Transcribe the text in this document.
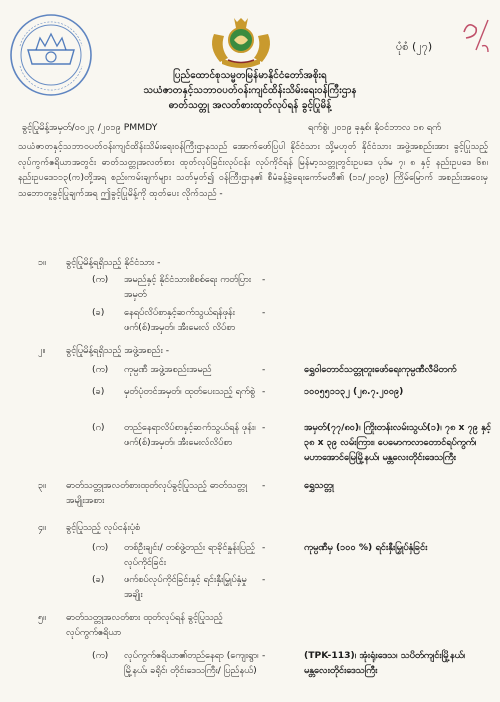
ပုံစံ (၂၇)
ပြည်ထောင်စုသမ္မတမြန်မာနိုင်ငံတော်အစိုးရ
သယံဇာတနှင့်သဘာဝပတ်ဝန်းကျင်ထိန်းသိမ်းရေးဝန်ကြီးဌာန
ဓာတ်သတ္တု အလတ်စားထုတ်လုပ်ရန် ခွင့်ပြုမိန့်
ခွင့်ပြုမိန့်အမှတ်/၀၀၂၃ /၂၀၁၉ PMMDY	ရက်စွဲ၊ ၂၀၁၉ ခုနှစ်၊ နိုဝင်ဘာလ ၁၈ ရက်
သယံဇာတနှင့်သဘာဝပတ်ဝန်းကျင်ထိန်းသိမ်းရေးဝန်ကြီးဌာနသည် အောက်ဖော်ပြပါ နိုင်ငံသား သို့မဟုတ် နိုင်ငံသား အဖွဲ့အစည်းအား ခွင့်ပြုသည့် လုပ်ကွက်ဧရိယာအတွင်း ဓာတ်သတ္တုအလတ်စား ထုတ်လုပ်ခြင်းလုပ်ငန်း လုပ်ကိုင်ရန် မြန်မာ့သတ္တုတွင်းဥပဒေ ပုဒ်မ ၇၊ ၈ နှင့် နည်းဥပဒေ ၆၈၊ နည်းဥပဒေ၁၁၃(က)တို့အရ စည်းကမ်းချက်များ သတ်မှတ်၍ ဝန်ကြီးဌာန၏ စီမံခန့်ခွဲရေးကော်မတီ၏ (၁၁/၂၀၁၉) ကြိမ်မြောက် အစည်းအဝေးမှ သဘောတူခွင့်ပြုချက်အရ ဤခွင့်ပြုမိန့်ကို ထုတ်ပေး လိုက်သည် -
၁။ ခွင့်ပြုမိန့်ရရှိသည့် နိုင်ငံသား -
(က) အမည်နှင့် နိုင်ငံသားစိစစ်ရေး ကတ်ပြားအမှတ်
-
(ခ) နေရပ်လိပ်စာနှင့်ဆက်သွယ်ရန်ဖုန်း ဖက်(စ်)အမှတ်၊ အီးမေးလ် လိပ်စာ
-
၂။ ခွင့်ပြုမိန့်ရရှိသည့် အဖွဲ့အစည်း -
(က) ကုမ္ပဏီ အဖွဲ့အစည်းအမည်	-	ရွှေဝါတောင်သတ္တုတူးဖော်ရေးကုမ္ပဏီလီမိတက်
(ခ) မှတ်ပုံတင်အမှတ်၊ ထုတ်ပေးသည့် ရက်စွဲ -	၁၀၀၅၅၁၁၃၂ (၂၈.၇.၂၀၀၉)
(ဂ) တည်နေရာလိပ်စာနှင့်ဆက်သွယ်ရန် ဖုန်း၊ ဖက်(စ်)အမှတ်၊ အီးမေးလ်လိပ်စာ
-	အမှတ်(၇၇/၈၀)၊ ကြိုးတန်းလမ်းသွယ်(၁)၊ ၇၈ x ၇၉ နှင့် ၃၈ x ၃၉ လမ်းကြား၊ ပေမောကလာတောင်ရပ်ကွက်၊ မဟာအောင်မြေမြို့နယ်၊ မန္တလေးတိုင်းဒေသကြီး
၃။ ဓာတ်သတ္တုအလတ်စားထုတ်လုပ်ခွင့်ပြုသည့် ဓာတ်သတ္တုအမျိုးအစား
-	ရွှေသတ္တု
၄။ ခွင့်ပြုသည့် လုပ်ငန်းပုံစံ
(က) တစ်ဦးချင်း/ တစ်ဖွဲ့တည်း ရာခိုင်နှုန်းပြည့် လုပ်ကိုင်ခြင်း
-	ကုမ္ပဏီမှ (၁၀၀ %) ရင်းနှီးမြှုပ်နှံခြင်း
(ခ) ဖက်စပ်လုပ်ကိုင်ခြင်းနှင့် ရင်းနှီးမြှုပ်နှံမှုအချိုး
-
၅။ ဓာတ်သတ္တုအလတ်စား ထုတ်လုပ်ရန် ခွင့်ပြုသည့် လုပ်ကွက်ဧရိယာ
(က) လုပ်ကွက်ဧရိယာ၏တည်နေရာ (ကျေးရွာ၊ မြို့နယ်၊ ခရိုင်၊ တိုင်းဒေသကြီး/ ပြည်နယ်)
-	(TPK-113)၊ အုံးရုံးဒေသ၊ သပိတ်ကျင်းမြို့နယ်၊ မန္တလေးတိုင်းဒေသကြီး
